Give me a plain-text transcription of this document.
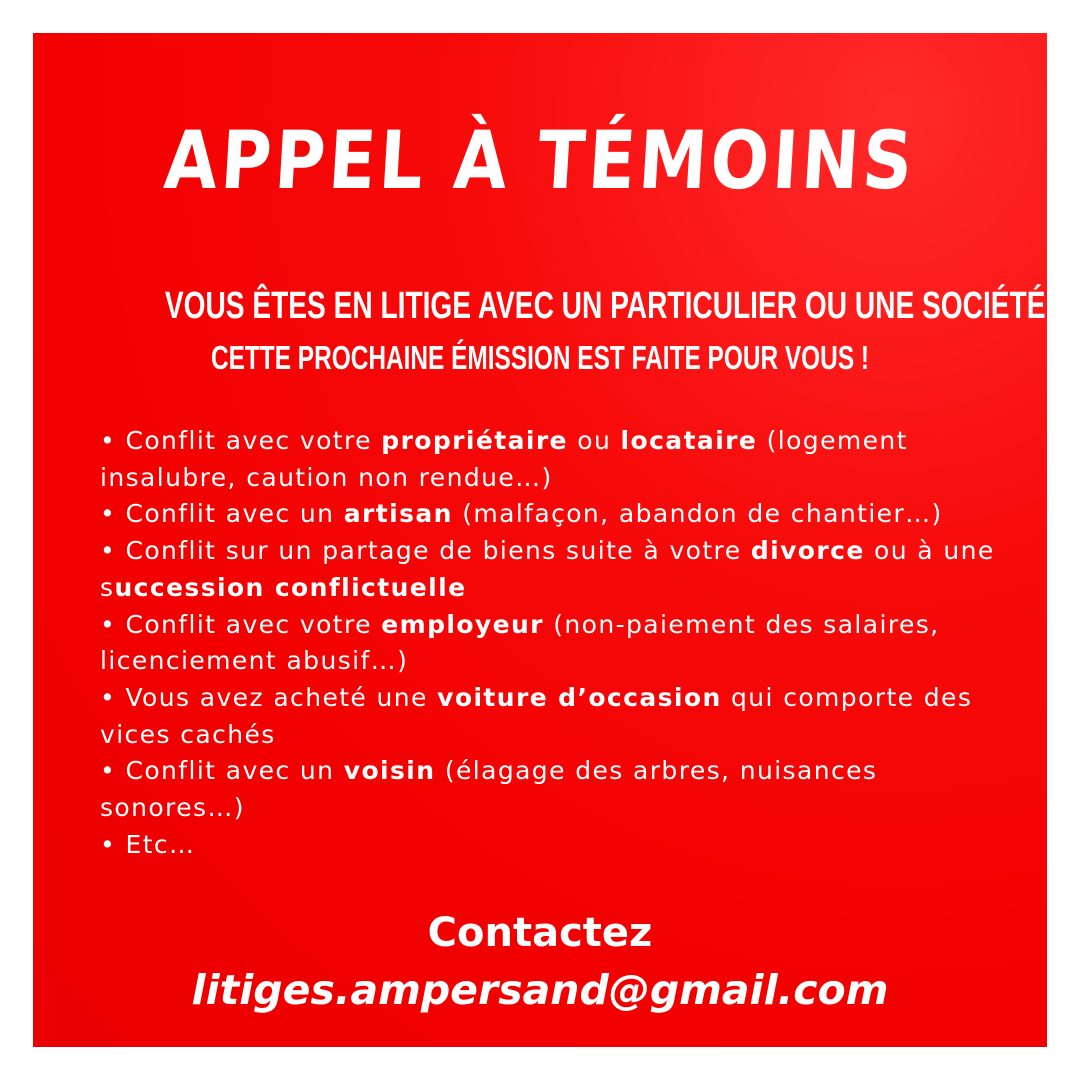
APPEL À TÉMOINS
VOUS ÊTES EN LITIGE AVEC UN PARTICULIER OU UNE SOCIÉTÉ ?
CETTE PROCHAINE ÉMISSION EST FAITE POUR VOUS !
• Conflit avec votre propriétaire ou locataire (logement insalubre, caution non rendue…)
• Conflit avec un artisan (malfaçon, abandon de chantier…)
• Conflit sur un partage de biens suite à votre divorce ou à une succession conflictuelle
• Conflit avec votre employeur (non-paiement des salaires, licenciement abusif…)
• Vous avez acheté une voiture d’occasion qui comporte des vices cachés
• Conflit avec un voisin (élagage des arbres, nuisances sonores…)
• Etc…
Contactez
litiges.ampersand@gmail.com
